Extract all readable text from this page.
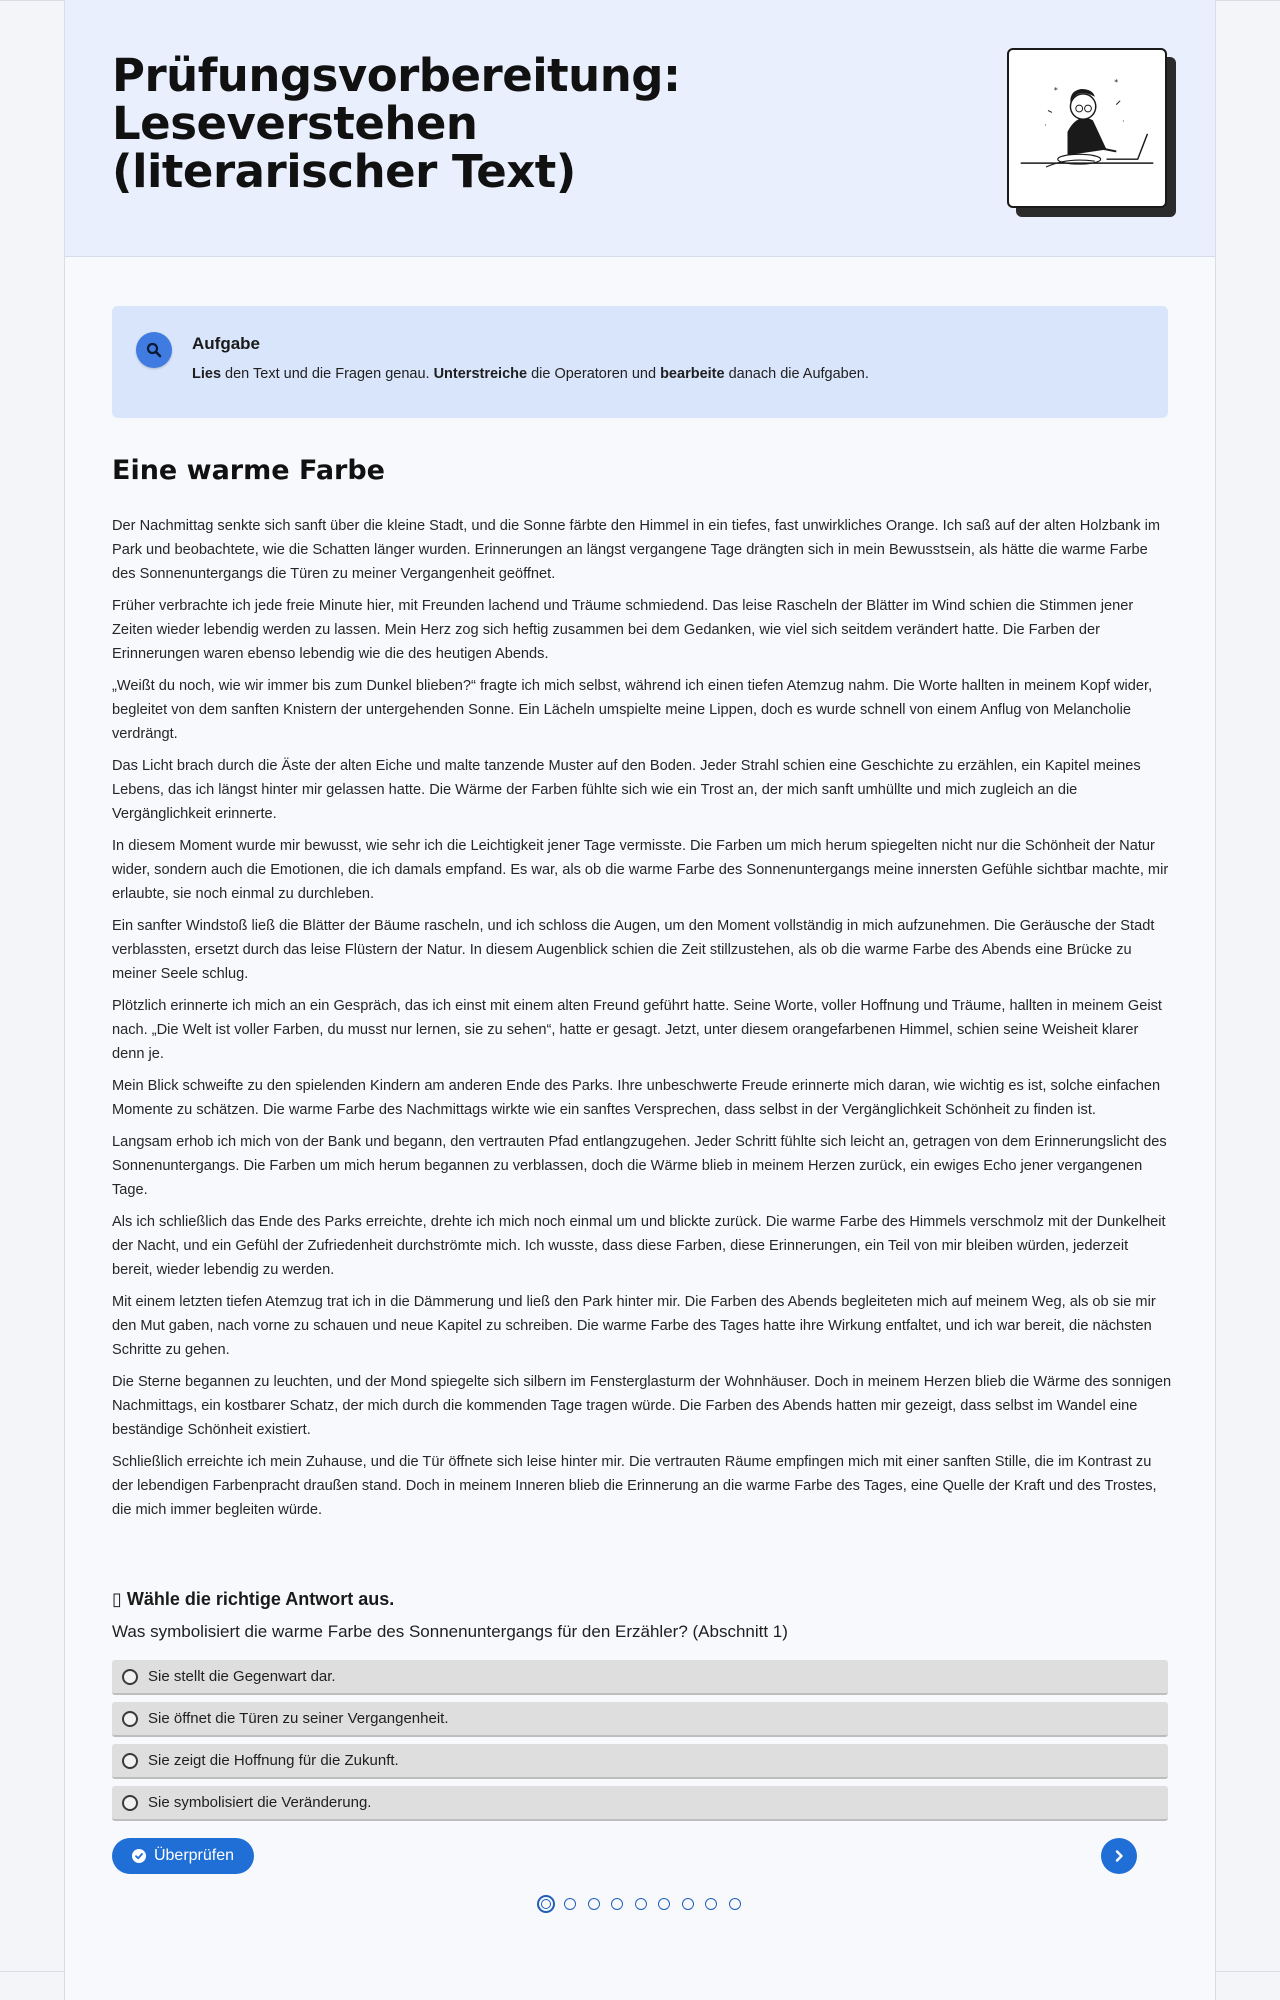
Prüfungsvorbereitung: Leseverstehen (literarischer Text)
*
*
·
·
Aufgabe
Lies den Text und die Fragen genau. Unterstreiche die Operatoren und bearbeite danach die Aufgaben.
Eine warme Farbe

Der Nachmittag senkte sich sanft über die kleine Stadt, und die Sonne färbte den Himmel in ein tiefes, fast unwirkliches Orange. Ich saß auf der alten Holzbank im Park und beobachtete, wie die Schatten länger wurden. Erinnerungen an längst vergangene Tage drängten sich in mein Bewusstsein, als hätte die warme Farbe des Sonnenuntergangs die Türen zu meiner Vergangenheit geöffnet.

Früher verbrachte ich jede freie Minute hier, mit Freunden lachend und Träume schmiedend. Das leise Rascheln der Blätter im Wind schien die Stimmen jener Zeiten wieder lebendig werden zu lassen. Mein Herz zog sich heftig zusammen bei dem Gedanken, wie viel sich seitdem verändert hatte. Die Farben der Erinnerungen waren ebenso lebendig wie die des heutigen Abends.

„Weißt du noch, wie wir immer bis zum Dunkel blieben?“ fragte ich mich selbst, während ich einen tiefen Atemzug nahm. Die Worte hallten in meinem Kopf wider, begleitet von dem sanften Knistern der untergehenden Sonne. Ein Lächeln umspielte meine Lippen, doch es wurde schnell von einem Anflug von Melancholie verdrängt.

Das Licht brach durch die Äste der alten Eiche und malte tanzende Muster auf den Boden. Jeder Strahl schien eine Geschichte zu erzählen, ein Kapitel meines Lebens, das ich längst hinter mir gelassen hatte. Die Wärme der Farben fühlte sich wie ein Trost an, der mich sanft umhüllte und mich zugleich an die Vergänglichkeit erinnerte.

In diesem Moment wurde mir bewusst, wie sehr ich die Leichtigkeit jener Tage vermisste. Die Farben um mich herum spiegelten nicht nur die Schönheit der Natur wider, sondern auch die Emotionen, die ich damals empfand. Es war, als ob die warme Farbe des Sonnenuntergangs meine innersten Gefühle sichtbar machte, mir erlaubte, sie noch einmal zu durchleben.

Ein sanfter Windstoß ließ die Blätter der Bäume rascheln, und ich schloss die Augen, um den Moment vollständig in mich aufzunehmen. Die Geräusche der Stadt verblassten, ersetzt durch das leise Flüstern der Natur. In diesem Augenblick schien die Zeit stillzustehen, als ob die warme Farbe des Abends eine Brücke zu meiner Seele schlug.

Plötzlich erinnerte ich mich an ein Gespräch, das ich einst mit einem alten Freund geführt hatte. Seine Worte, voller Hoffnung und Träume, hallten in meinem Geist nach. „Die Welt ist voller Farben, du musst nur lernen, sie zu sehen“, hatte er gesagt. Jetzt, unter diesem orangefarbenen Himmel, schien seine Weisheit klarer denn je.

Mein Blick schweifte zu den spielenden Kindern am anderen Ende des Parks. Ihre unbeschwerte Freude erinnerte mich daran, wie wichtig es ist, solche einfachen Momente zu schätzen. Die warme Farbe des Nachmittags wirkte wie ein sanftes Versprechen, dass selbst in der Vergänglichkeit Schönheit zu finden ist.

Langsam erhob ich mich von der Bank und begann, den vertrauten Pfad entlangzugehen. Jeder Schritt fühlte sich leicht an, getragen von dem Erinnerungslicht des Sonnenuntergangs. Die Farben um mich herum begannen zu verblassen, doch die Wärme blieb in meinem Herzen zurück, ein ewiges Echo jener vergangenen Tage.

Als ich schließlich das Ende des Parks erreichte, drehte ich mich noch einmal um und blickte zurück. Die warme Farbe des Himmels verschmolz mit der Dunkelheit der Nacht, und ein Gefühl der Zufriedenheit durchströmte mich. Ich wusste, dass diese Farben, diese Erinnerungen, ein Teil von mir bleiben würden, jederzeit bereit, wieder lebendig zu werden.

Mit einem letzten tiefen Atemzug trat ich in die Dämmerung und ließ den Park hinter mir. Die Farben des Abends begleiteten mich auf meinem Weg, als ob sie mir den Mut gaben, nach vorne zu schauen und neue Kapitel zu schreiben. Die warme Farbe des Tages hatte ihre Wirkung entfaltet, und ich war bereit, die nächsten Schritte zu gehen.

Die Sterne begannen zu leuchten, und der Mond spiegelte sich silbern im Fensterglasturm der Wohnhäuser. Doch in meinem Herzen blieb die Wärme des sonnigen Nachmittags, ein kostbarer Schatz, der mich durch die kommenden Tage tragen würde. Die Farben des Abends hatten mir gezeigt, dass selbst im Wandel eine beständige Schönheit existiert.

Schließlich erreichte ich mein Zuhause, und die Tür öffnete sich leise hinter mir. Die vertrauten Räume empfingen mich mit einer sanften Stille, die im Kontrast zu der lebendigen Farbenpracht draußen stand. Doch in meinem Inneren blieb die Erinnerung an die warme Farbe des Tages, eine Quelle der Kraft und des Trostes, die mich immer begleiten würde.

▯ Wähle die richtige Antwort aus.
Was symbolisiert die warme Farbe des Sonnenuntergangs für den Erzähler? (Abschnitt 1)
Sie stellt die Gegenwart dar.
Sie öffnet die Türen zu seiner Vergangenheit.
Sie zeigt die Hoffnung für die Zukunft.
Sie symbolisiert die Veränderung.
Überprüfen
